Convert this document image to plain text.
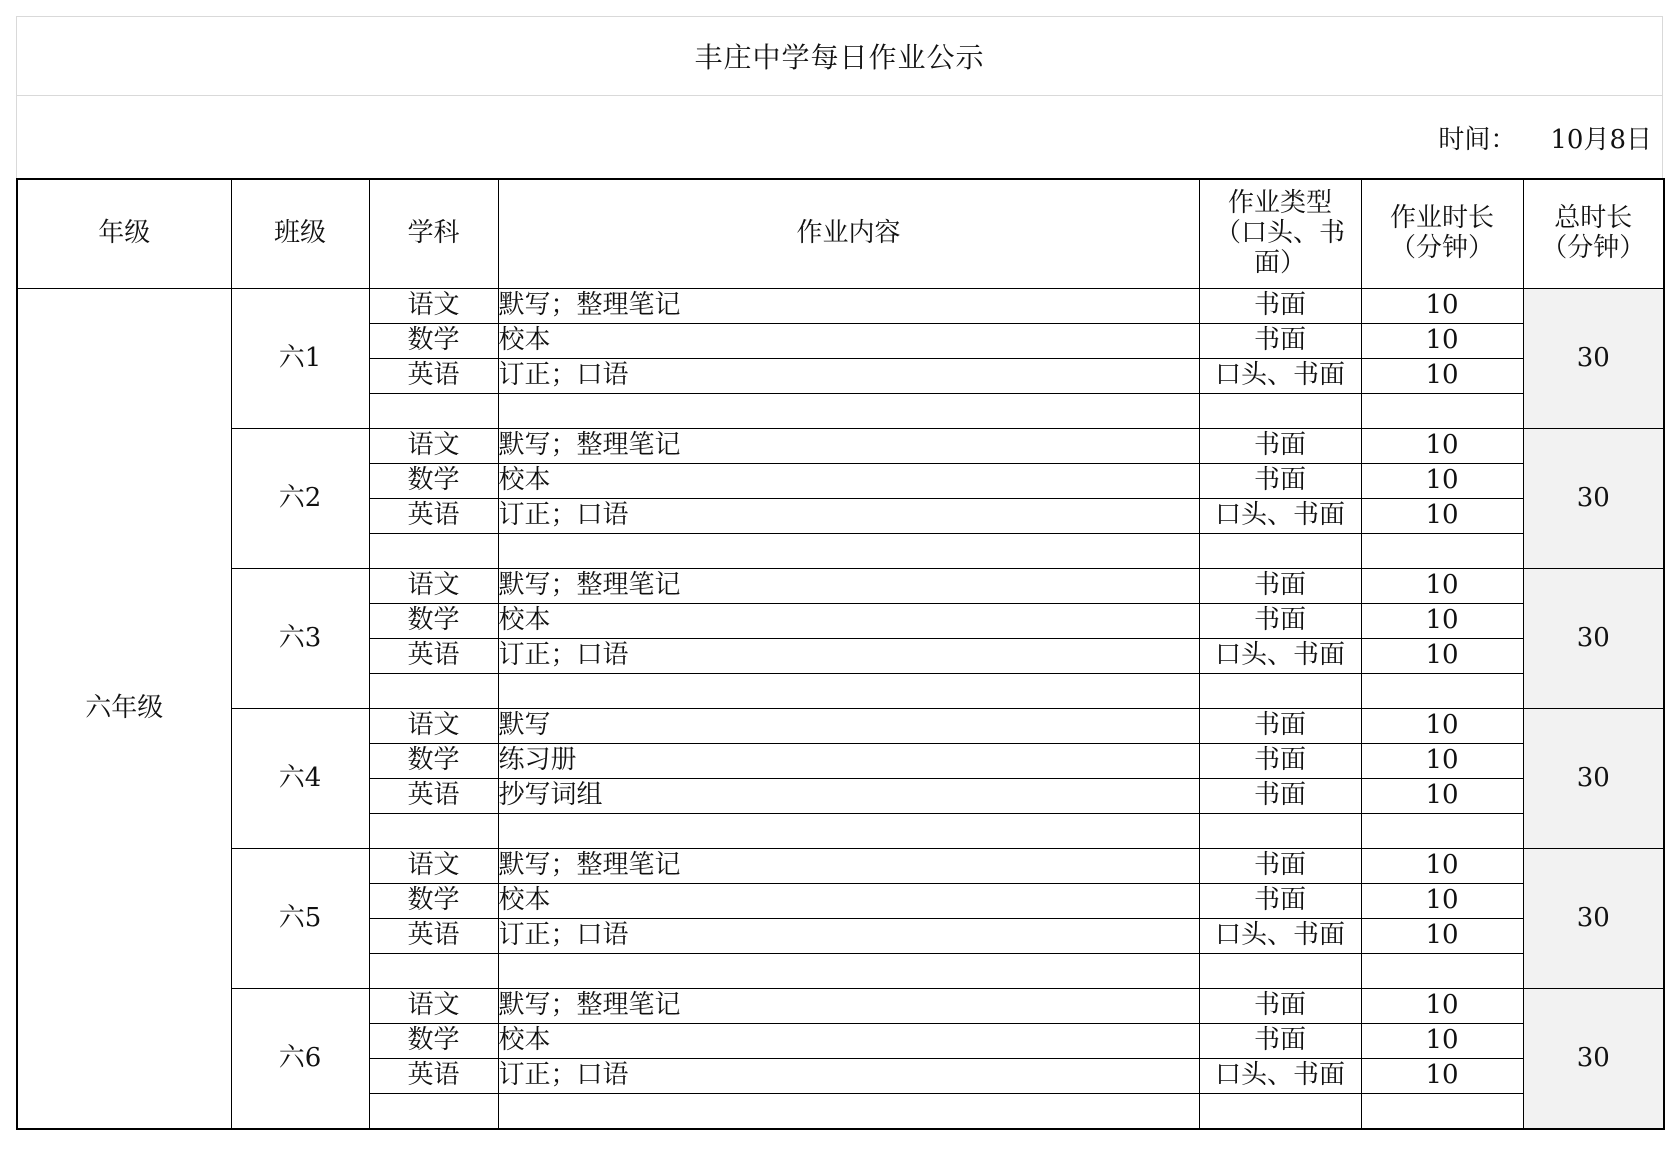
丰庄中学每日作业公示
时间： 10月8日
年级	班级	学科	作业内容	作业类型
（口头、书
面）	作业时长
（分钟）	总时长
（分钟）

六年级	六1	语文	默写；整理笔记	书面	10	30
		数学	校本	书面	10	
		英语	订正；口语	口头、书面	10	

	六2	语文	默写；整理笔记	书面	10	30
		数学	校本	书面	10	
		英语	订正；口语	口头、书面	10	

	六3	语文	默写；整理笔记	书面	10	30
		数学	校本	书面	10	
		英语	订正；口语	口头、书面	10	

	六4	语文	默写	书面	10	30
		数学	练习册	书面	10	
		英语	抄写词组	书面	10	

	六5	语文	默写；整理笔记	书面	10	30
		数学	校本	书面	10	
		英语	订正；口语	口头、书面	10	

	六6	语文	默写；整理笔记	书面	10	30
		数学	校本	书面	10	
		英语	订正；口语	口头、书面	10	
